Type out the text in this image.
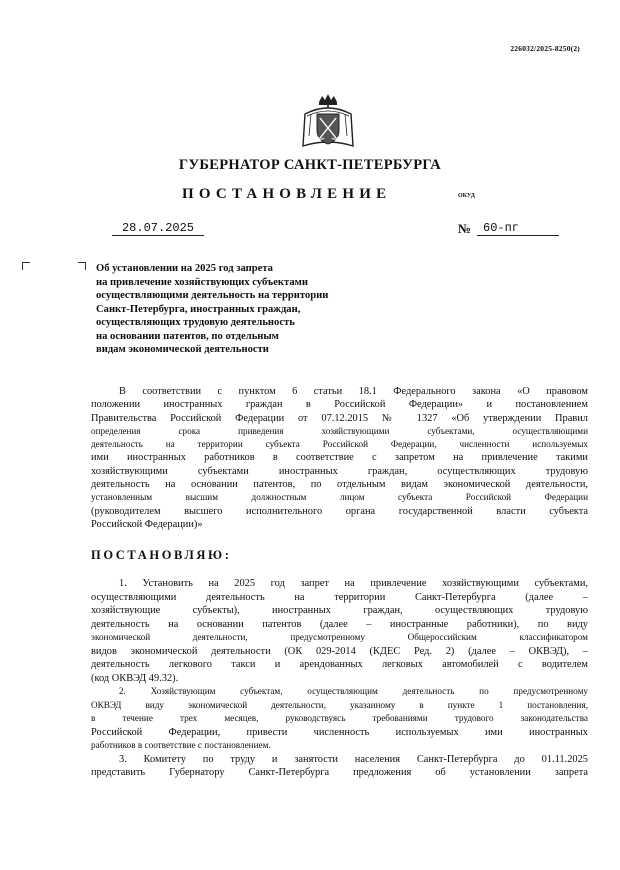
226032/2025-8250(2)
ГУБЕРНАТОР САНКТ-ПЕТЕРБУРГА
ПОСТАНОВЛЕНИЕ	ОКУД
28.07.2025	№ 60-пг
Об установлении на 2025 год запрета
на привлечение хозяйствующих субъектами
осуществляющими деятельность на территории
Санкт-Петербурга, иностранных граждан,
осуществляющих трудовую деятельность
на основании патентов, по отдельным
видам экономической деятельности
В соответствии с пунктом 6 статьи 18.1 Федерального закона «О правовом
положении иностранных граждан в Российской Федерации» и постановлением
Правительства Российской Федерации от 07.12.2015 № 1327 «Об утверждении Правил
определения срока приведения хозяйствующими субъектами, осуществляющими
деятельность на территории субъекта Российской Федерации, численности используемых
ими иностранных работников в соответствие с запретом на привлечение такими
хозяйствующими субъектами иностранных граждан, осуществляющих трудовую
деятельность на основании патентов, по отдельным видам экономической деятельности,
установленным высшим должностным лицом субъекта Российской Федерации
(руководителем высшего исполнительного органа государственной власти субъекта
Российской Федерации)»
ПОСТАНОВЛЯЮ:
1. Установить на 2025 год запрет на привлечение хозяйствующими субъектами,
осуществляющими деятельность на территории Санкт-Петербурга (далее –
хозяйствующие субъекты), иностранных граждан, осуществляющих трудовую
деятельность на основании патентов (далее – иностранные работники), по виду
экономической деятельности, предусмотренному Общероссийским классификатором
видов экономической деятельности (ОК 029-2014 (КДЕС Ред. 2) (далее – ОКВЭД), –
деятельность легкового такси и арендованных легковых автомобилей с водителем
(код ОКВЭД 49.32).
2. Хозяйствующим субъектам, осуществляющим деятельность по предусмотренному
ОКВЭД виду экономической деятельности, указанному в пункте 1 постановления,
в течение трех месяцев, руководствуясь требованиями трудового законодательства
Российской Федерации, привести численность используемых ими иностранных
работников в соответствие с постановлением.
3. Комитету по труду и занятости населения Санкт-Петербурга до 01.11.2025
представить Губернатору Санкт-Петербурга предложения об установлении запрета
